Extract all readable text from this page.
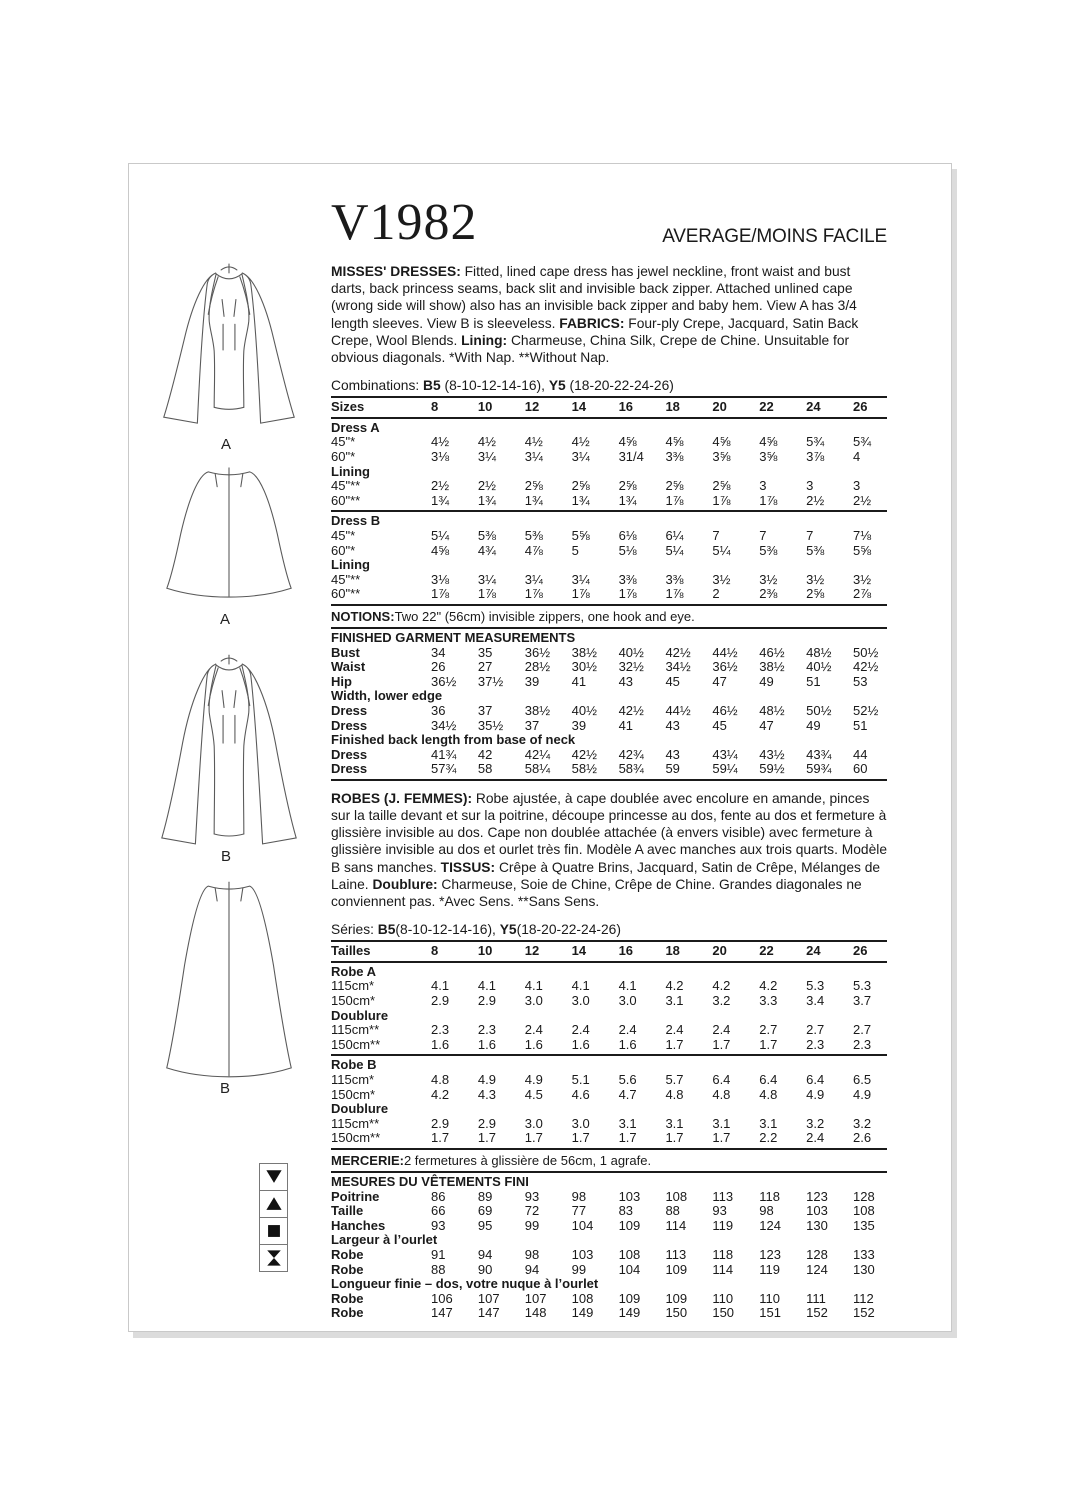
A
A
B
B
V1982	AVERAGE/MOINS FACILE

MISSES' DRESSES: Fitted, lined cape dress has jewel neckline, front waist and bust darts, back princess seams, back slit and invisible back zipper. Attached unlined cape (wrong side will show) also has an invisible back zipper and baby hem. View A has 3/4 length sleeves. View B is sleeveless. FABRICS: Four-ply Crepe, Jacquard, Satin Back Crepe, Wool Blends. Lining: Charmeuse, China Silk, Crepe de Chine. Unsuitable for obvious diagonals. *With Nap. **Without Nap.

Combinations: B5 (8-10-12-14-16), Y5 (18-20-22-24-26)

Sizes	8	10	12	14	16	18	20	22	24	26
Dress A
45"*	4½	4½	4½	4½	4⅝	4⅝	4⅝	4⅝	5¾	5¾
60"*	3⅛	3¼	3¼	3¼	31/4	3⅜	3⅝	3⅝	3⅞	4
Lining
45"**	2½	2½	2⅝	2⅝	2⅝	2⅝	2⅝	3	3	3
60"**	1¾	1¾	1¾	1¾	1¾	1⅞	1⅞	1⅞	2½	2½
Dress B
45"*	5¼	5⅜	5⅜	5⅝	6⅛	6¼	7	7	7	7⅛
60"*	4⅝	4¾	4⅞	5	5⅛	5¼	5¼	5⅜	5⅜	5⅝
Lining
45"**	3⅛	3¼	3¼	3¼	3⅜	3⅜	3½	3½	3½	3½
60"**	1⅞	1⅞	1⅞	1⅞	1⅞	1⅞	2	2⅜	2⅝	2⅞
NOTIONS: Two 22" (56cm) invisible zippers, one hook and eye.
FINISHED GARMENT MEASUREMENTS
Bust	34	35	36½	38½	40½	42½	44½	46½	48½	50½
Waist	26	27	28½	30½	32½	34½	36½	38½	40½	42½
Hip	36½	37½	39	41	43	45	47	49	51	53
Width, lower edge
Dress	36	37	38½	40½	42½	44½	46½	48½	50½	52½
Dress	34½	35½	37	39	41	43	45	47	49	51
Finished back length from base of neck
Dress	41¾	42	42¼	42½	42¾	43	43¼	43½	43¾	44
Dress	57¾	58	58¼	58½	58¾	59	59¼	59½	59¾	60

ROBES (J. FEMMES): Robe ajustée, à cape doublée avec encolure en amande, pinces sur la taille devant et sur la poitrine, découpe princesse au dos, fente au dos et fermeture à glissière invisible au dos. Cape non doublée attachée (à envers visible) avec fermeture à glissière invisible au dos et ourlet très fin. Modèle A avec manches aux trois quarts. Modèle B sans manches. TISSUS: Crêpe à Quatre Brins, Jacquard, Satin de Crêpe, Mélanges de Laine. Doublure: Charmeuse, Soie de Chine, Crêpe de Chine. Grandes diagonales ne conviennent pas. *Avec Sens. **Sans Sens.

Séries: B5(8-10-12-14-16), Y5(18-20-22-24-26)

Tailles	8	10	12	14	16	18	20	22	24	26
Robe A
115cm*	4.1	4.1	4.1	4.1	4.1	4.2	4.2	4.2	5.3	5.3
150cm*	2.9	2.9	3.0	3.0	3.0	3.1	3.2	3.3	3.4	3.7
Doublure
115cm**	2.3	2.3	2.4	2.4	2.4	2.4	2.4	2.7	2.7	2.7
150cm**	1.6	1.6	1.6	1.6	1.6	1.7	1.7	1.7	2.3	2.3
Robe B
115cm*	4.8	4.9	4.9	5.1	5.6	5.7	6.4	6.4	6.4	6.5
150cm*	4.2	4.3	4.5	4.6	4.7	4.8	4.8	4.8	4.9	4.9
Doublure
115cm**	2.9	2.9	3.0	3.0	3.1	3.1	3.1	3.1	3.2	3.2
150cm**	1.7	1.7	1.7	1.7	1.7	1.7	1.7	2.2	2.4	2.6
MERCERIE: 2 fermetures à glissière de 56cm, 1 agrafe.
MESURES DU VÊTEMENTS FINI
Poitrine	86	89	93	98	103	108	113	118	123	128
Taille	66	69	72	77	83	88	93	98	103	108
Hanches	93	95	99	104	109	114	119	124	130	135
Largeur à l’ourlet
Robe	91	94	98	103	108	113	118	123	128	133
Robe	88	90	94	99	104	109	114	119	124	130
Longueur finie – dos, votre nuque à l’ourlet
Robe	106	107	107	108	109	109	110	110	111	112
Robe	147	147	148	149	149	150	150	151	152	152
